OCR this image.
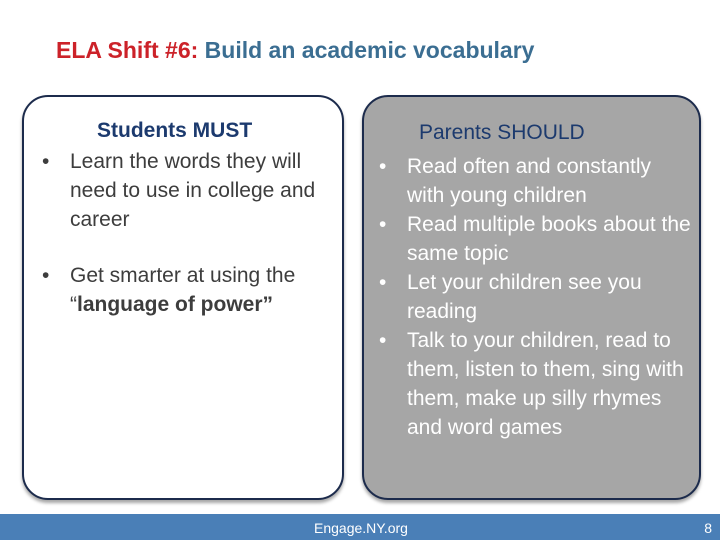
ELA Shift #6: Build an academic vocabulary
Students MUST
• Learn the words they will need to use in college and career
• Get smarter at using the “language of power”
Parents SHOULD
• Read often and constantly with young children
• Read multiple books about the same topic
• Let your children see you reading
• Talk to your children, read to them, listen to them, sing with them, make up silly rhymes and word games
Engage.NY.org	8
